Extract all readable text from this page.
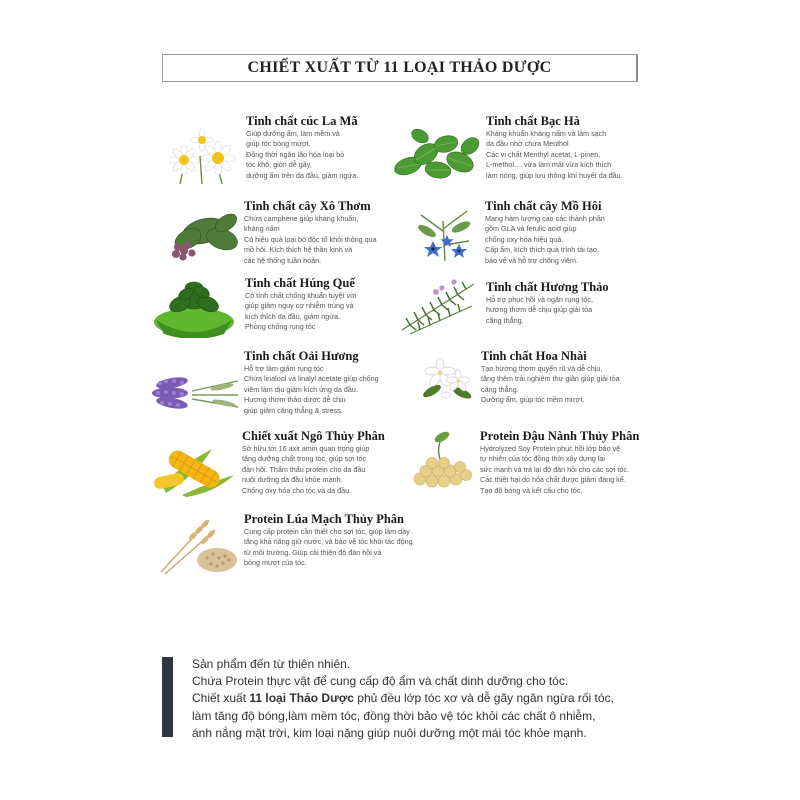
CHIẾT XUẤT TỪ 11 LOẠI THẢO DƯỢC
Tinh chất cúc La Mã
Giúp dưỡng ẩm, làm mềm và
giúp tóc bóng mượt.
Đồng thời ngăn lão hóa loại bỏ
tóc khô, giòn dễ gãy,
dưỡng ẩm trên da đầu, giảm ngứa.
Tinh chất Bạc Hà
Kháng khuẩn kháng nấm và làm sạch
da đầu nhờ chứa Menthol
Các vi chất Menthyl acetat, L-pinen,
L-methol.... vừa làm mát vừa kích thích
làm nóng, giúp lưu thông khí huyết da đầu.
Tinh chất cây Xô Thơm
Chứa camphene giúp kháng khuẩn,
kháng nấm
Có hiệu quả loại bỏ độc tố khỏi thông qua
mồ hôi. Kích thích hệ thần kinh và
các hệ thống tuần hoàn.
Tinh chất cây Mồ Hôi
Mang hàm lượng cao các thành phần
gồm GLA và ferulic acid giúp
chống oxy hóa hiệu quả.
Cấp ẩm, kích thích quá trình tái tạo,
bảo vệ và hỗ trợ chống viêm.
Tinh chất Húng Quế
Có tính chất chống khuẩn tuyệt vời
giúp giảm nguy cơ nhiễm trùng và
kích thích da đầu, giảm ngứa.
Phòng chống rụng tóc
Tinh chất Hương Thảo
Hỗ trợ phục hồi và ngăn rụng tóc,
hương thơm dễ chịu giúp giải tỏa
căng thẳng.
Tinh chất Oải Hương
Hỗ trợ làm giảm rụng tóc
Chứa linalool và linalyl acetate giúp chống
viêm làm dịu giảm kích ứng da đầu.
Hương thơm thảo dược dễ chịu
giúp giảm căng thẳng & stress.
Tinh chất Hoa Nhài
Tạo hương thơm quyến rũ và dễ chịu,
tăng thêm trải nghiệm thư giãn giúp giải tỏa
căng thẳng.
Dưỡng ẩm, giúp tóc mềm mượt.
Chiết xuất Ngô Thủy Phân
Sở hữu tới 16 axit amin quan trọng giúp
tăng dưỡng chất trong tóc, giúp sợi tóc
đàn hồi. Thẩm thấu protein cho da đầu
nuôi dưỡng da đầu khỏe mạnh.
Chống oxy hóa cho tóc và da đầu.
Protein Đậu Nành Thủy Phân
Hydrolyzed Soy Protein phục hồi lớp bảo vệ
tự nhiên của tóc đồng thời xây dựng lại
sức mạnh và trả lại độ đàn hồi cho các sợi tóc.
Các thiệt hại do hóa chất được giảm đáng kể.
Tạo độ bóng và kết cấu cho tóc.
Protein Lúa Mạch Thủy Phân
Cung cấp protein cần thiết cho sợi tóc, giúp làm dày
tăng khả năng giữ nước, và bảo vệ tóc khỏi tác động
từ môi trường. Giúp cải thiện độ đàn hồi và
bóng mượt của tóc.
Sản phẩm đến từ thiên nhiên.
Chứa Protein thực vật để cung cấp độ ẩm và chất dinh dưỡng cho tóc.
Chiết xuất 11 loại Thảo Dược phủ đều lớp tóc xơ và dễ gãy ngăn ngừa rối tóc,
làm tăng độ bóng,làm mềm tóc, đồng thời bảo vệ tóc khỏi các chất ô nhiễm,
ánh nắng mặt trời, kim loại nặng giúp nuôi dưỡng một mái tóc khỏe mạnh.
